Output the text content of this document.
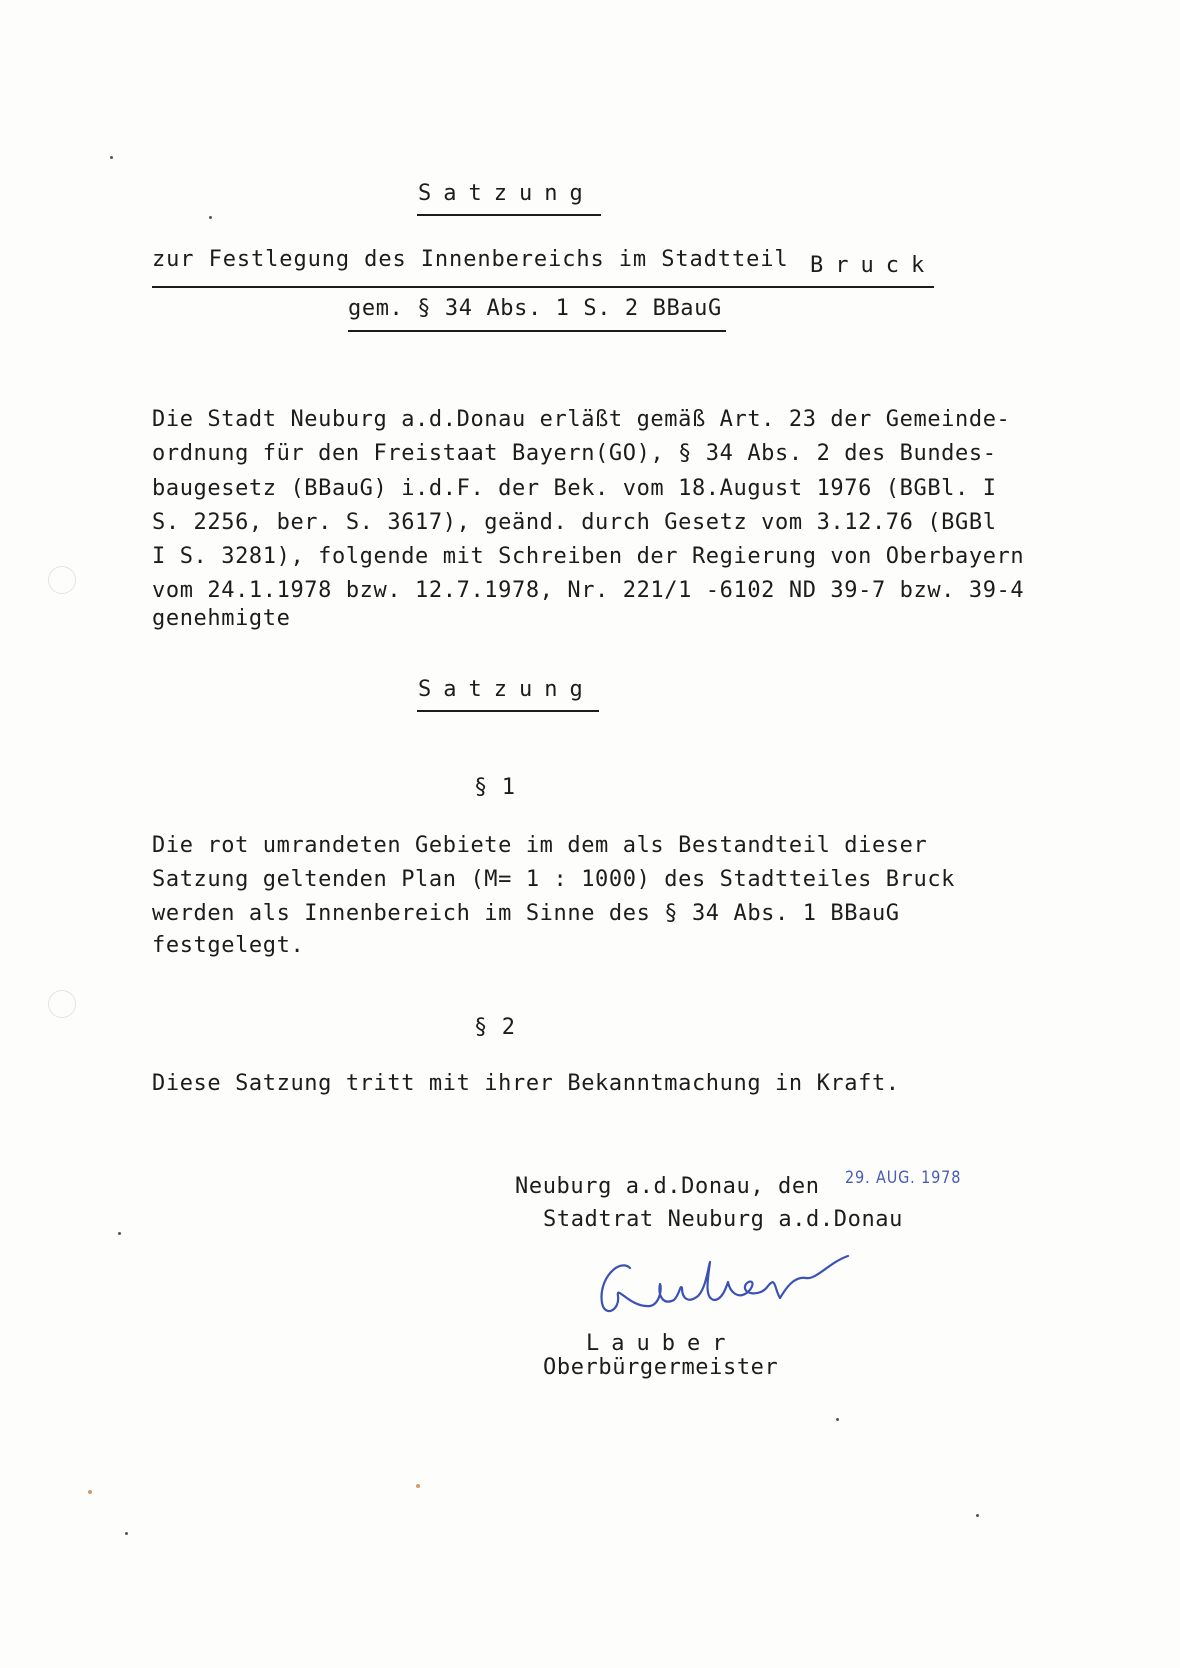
Satzung
zur Festlegung des Innenbereichs im Stadtteil Bruck
gem. § 34 Abs. 1 S. 2 BBauG
Die Stadt Neuburg a.d.Donau erläßt gemäß Art. 23 der Gemeinde-
ordnung für den Freistaat Bayern(GO), § 34 Abs. 2 des Bundes-
baugesetz (BBauG) i.d.F. der Bek. vom 18.August 1976 (BGBl. I
S. 2256, ber. S. 3617), geänd. durch Gesetz vom 3.12.76 (BGBl
I S. 3281), folgende mit Schreiben der Regierung von Oberbayern
vom 24.1.1978 bzw. 12.7.1978, Nr. 221/1 -6102 ND 39-7 bzw. 39-4
genehmigte
Satzung
§ 1
Die rot umrandeten Gebiete im dem als Bestandteil dieser
Satzung geltenden Plan (M= 1 : 1000) des Stadtteiles Bruck
werden als Innenbereich im Sinne des § 34 Abs. 1 BBauG
festgelegt.
§ 2
Diese Satzung tritt mit ihrer Bekanntmachung in Kraft.
Neuburg a.d.Donau, den 29. AUG. 1978
Stadtrat Neuburg a.d.Donau
Lauber
Oberbürgermeister
